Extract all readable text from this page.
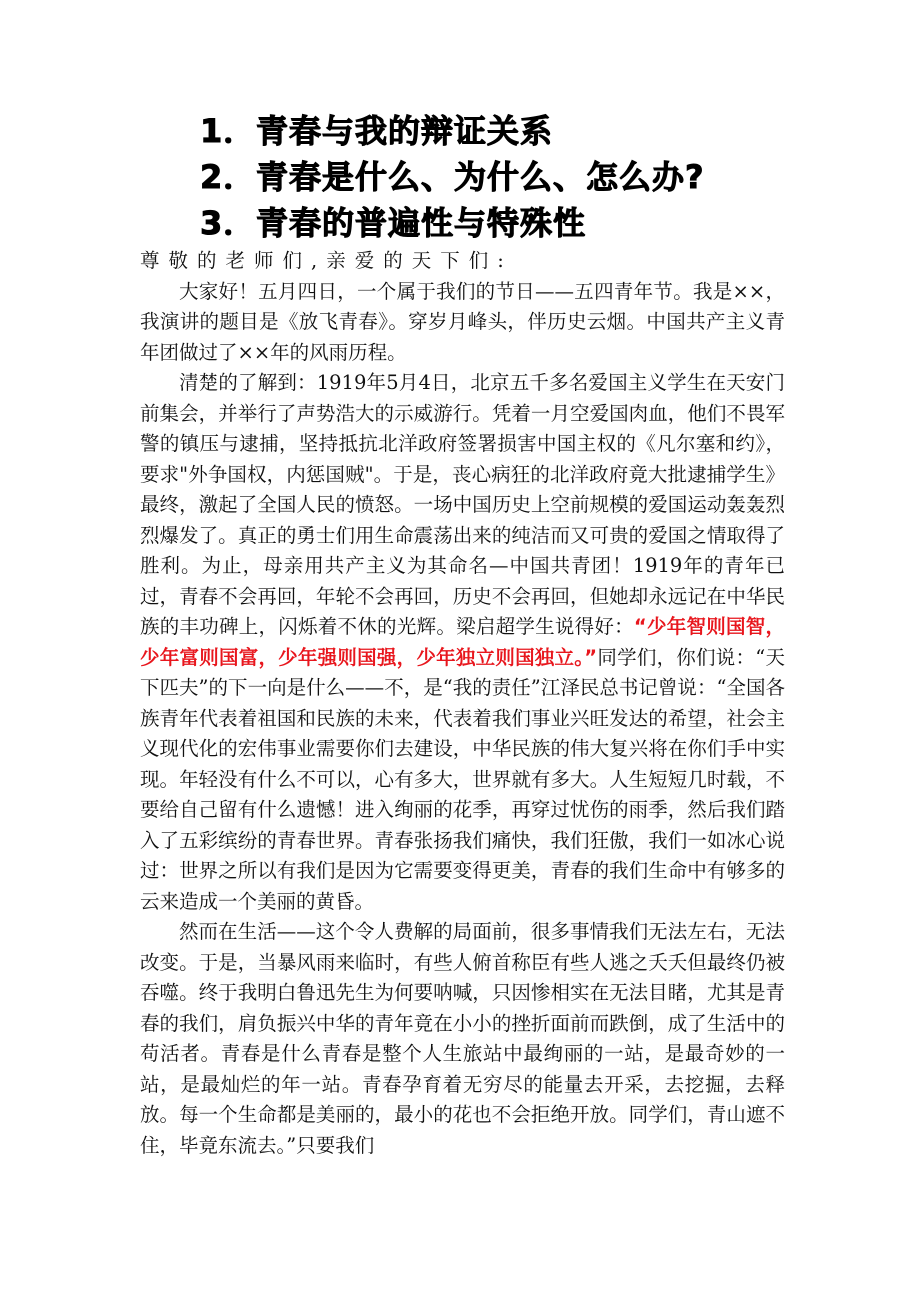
1．青春与我的辩证关系
2．青春是什么、为什么、怎么办?
3．青春的普遍性与特殊性

尊敬的老师们,亲爱的天下们:

大家好！五月四日，一个属于我们的节日——五四青年节。我是××，我演讲的题目是《放飞青春》。穿岁月峰头，伴历史云烟。中国共产主义青年团做过了××年的风雨历程。

清楚的了解到：1919年5月4日，北京五千多名爱国主义学生在天安门前集会，并举行了声势浩大的示威游行。凭着一月空爱国肉血，他们不畏军警的镇压与逮捕，坚持抵抗北洋政府签署损害中国主权的《凡尔塞和约》，要求"外争国权，内惩国贼"。于是，丧心病狂的北洋政府竟大批逮捕学生》最终，激起了全国人民的愤怒。一场中国历史上空前规模的爱国运动轰轰烈烈爆发了。真正的勇士们用生命震荡出来的纯洁而又可贵的爱国之情取得了胜利。为止，母亲用共产主义为其命名—中国共青团！1919年的青年已过，青春不会再回，年轮不会再回，历史不会再回，但她却永远记在中华民族的丰功碑上，闪烁着不休的光辉。梁启超学生说得好：“少年智则国智，少年富则国富，少年强则国强，少年独立则国独立。”同学们，你们说：“天下匹夫”的下一向是什么——不，是“我的责任”江泽民总书记曾说：“全国各族青年代表着祖国和民族的未来，代表着我们事业兴旺发达的希望，社会主义现代化的宏伟事业需要你们去建设，中华民族的伟大复兴将在你们手中实现。年轻没有什么不可以，心有多大，世界就有多大。人生短短几时载，不要给自己留有什么遗憾！进入绚丽的花季，再穿过忧伤的雨季，然后我们踏入了五彩缤纷的青春世界。青春张扬我们痛快，我们狂傲，我们一如冰心说过：世界之所以有我们是因为它需要变得更美，青春的我们生命中有够多的云来造成一个美丽的黄昏。

然而在生活——这个令人费解的局面前，很多事情我们无法左右，无法改变。于是，当暴风雨来临时，有些人俯首称臣有些人逃之夭夭但最终仍被吞噬。终于我明白鲁迅先生为何要呐喊，只因惨相实在无法目睹，尤其是青春的我们，肩负振兴中华的青年竟在小小的挫折面前而跌倒，成了生活中的苟活者。青春是什么青春是整个人生旅站中最绚丽的一站，是最奇妙的一站，是最灿烂的年一站。青春孕育着无穷尽的能量去开采，去挖掘，去释放。每一个生命都是美丽的，最小的花也不会拒绝开放。同学们，青山遮不住，毕竟东流去。”只要我们
